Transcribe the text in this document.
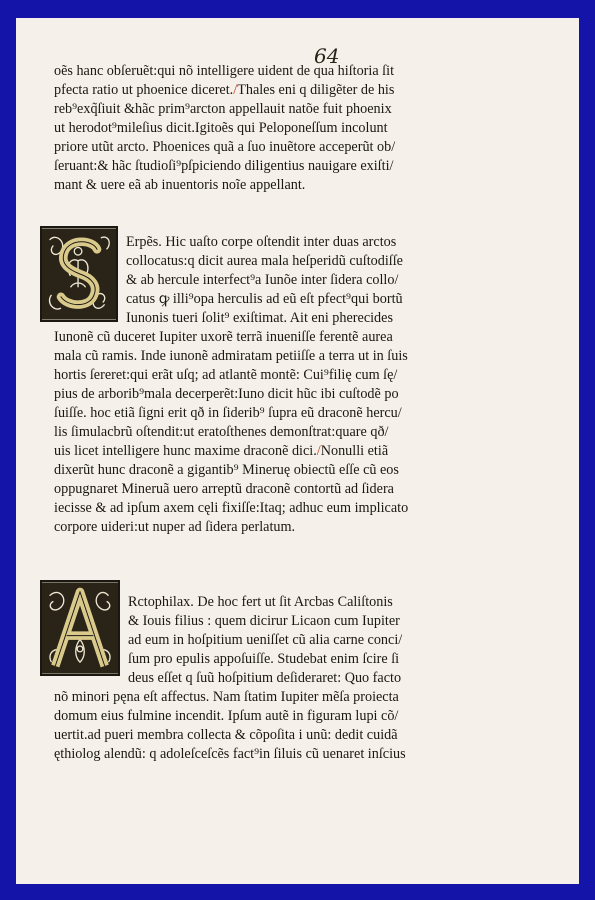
64
oẽs hanc obſeruẽt:qui nõ intelligere uident de qua hiſtoria ſit
pfecta ratio ut phoenice diceret./Thales eni q diligẽter de his
reb⁹exq̃ſiuit &hãc prim⁹arcton appellauit natõe fuit phoenix
ut herodot⁹mileſius dicit.Igitoẽs qui Peloponeſſum incolunt
priore utũt arcto. Phoenices quã a ſuo inuẽtore acceperũt ob/
ſeruant:& hãc ſtudioſi⁹pſpiciendo diligentius nauigare exiſti/
mant & uere eã ab inuentoris noĩe appellant.
Erpẽs. Hic uaſto corpe oſtendit inter duas arctos
collocatus:q dicit aurea mala heſperidũ cuſtodiſſe
& ab hercule interfect⁹a Iunõe inter ſidera collo/
catus ꝙ illi⁹opa herculis ad eũ eſt pfect⁹qui bortũ
Iunonis tueri ſolit⁹ exiſtimat. Ait eni pherecides
Iunonẽ cũ duceret Iupiter uxorẽ terrã inueniſſe ferentẽ aurea
mala cũ ramis. Inde iunonẽ admiratam petiiſſe a terra ut in ſuis
hortis ſereret:qui erãt uſq; ad atlantẽ montẽ: Cui⁹filię cum ſę/
pius de arborib⁹mala decerperẽt:Iuno dicit hũc ibi cuſtodẽ po
ſuiſſe. hoc etiã ſigni erit qð in ſiderib⁹ ſupra eũ draconẽ hercu/
lis ſimulacbrũ oſtendit:ut eratoſthenes demonſtrat:quare qð/
uis licet intelligere hunc maxime draconẽ dici./Nonulli etiã
dixerũt hunc draconẽ a gigantib⁹ Mineruę obiectũ eſſe cũ eos
oppugnaret Mineruã uero arreptũ draconẽ contortũ ad ſidera
iecisse & ad ipſum axem cęli fixiſſe:Itaq; adhuc eum implicato
corpore uideri:ut nuper ad ſidera perlatum.
Rctophilax. De hoc fert ut ſit Arcbas Caliſtonis
& Iouis filius : quem dicirur Licaon cum Iupiter
ad eum in hoſpitium ueniſſet cũ alia carne conci/
ſum pro epulis appoſuiſſe. Studebat enim ſcire ſi
deus eſſet q ſuũ hoſpitium deſideraret: Quo facto
nõ minori pęna eſt affectus. Nam ſtatim Iupiter mẽſa proiecta
domum eius fulmine incendit. Ipſum autẽ in figuram lupi cõ/
uertit.ad pueri membra collecta & cõpoſita i unũ: dedit cuidã
ęthiolog alendũ: q adoleſceſcẽs fact⁹in ſiluis cũ uenaret inſcius
